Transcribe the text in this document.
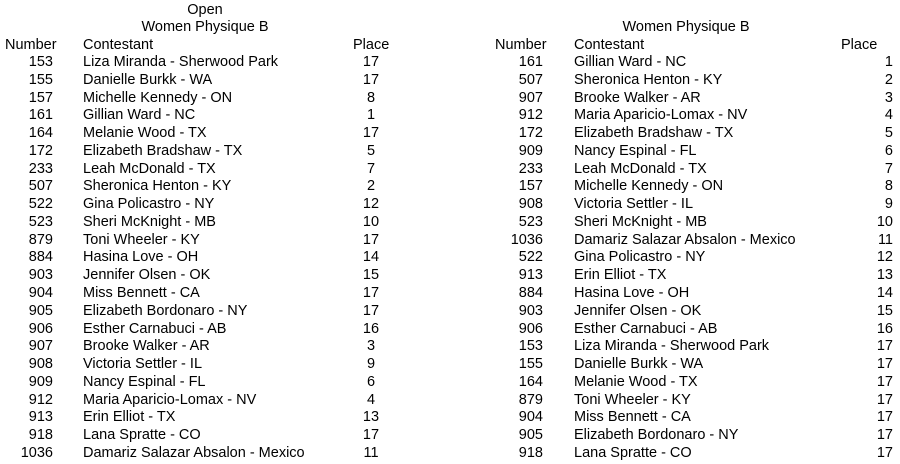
Open
Women Physique B
Number Contestant	Place
153 Liza Miranda - Sherwood Park	17
155 Danielle Burkk - WA	17
157 Michelle Kennedy - ON	8
161 Gillian Ward - NC	1
164 Melanie Wood - TX	17
172 Elizabeth Bradshaw - TX	5
233 Leah McDonald - TX	7
507 Sheronica Henton - KY	2
522 Gina Policastro - NY	12
523 Sheri McKnight - MB	10
879 Toni Wheeler - KY	17
884 Hasina Love - OH	14
903 Jennifer Olsen - OK	15
904 Miss Bennett - CA	17
905 Elizabeth Bordonaro - NY	17
906 Esther Carnabuci - AB	16
907 Brooke Walker - AR	3
908 Victoria Settler - IL	9
909 Nancy Espinal - FL	6
912 Maria Aparicio-Lomax - NV	4
913 Erin Elliot - TX	13
918 Lana Spratte - CO	17
1036 Damariz Salazar Absalon - Mexico	11
Women Physique B
Number Contestant	Place
161 Gillian Ward - NC	1
507 Sheronica Henton - KY	2
907 Brooke Walker - AR	3
912 Maria Aparicio-Lomax - NV	4
172 Elizabeth Bradshaw - TX	5
909 Nancy Espinal - FL	6
233 Leah McDonald - TX	7
157 Michelle Kennedy - ON	8
908 Victoria Settler - IL	9
523 Sheri McKnight - MB	10
1036 Damariz Salazar Absalon - Mexico	11
522 Gina Policastro - NY	12
913 Erin Elliot - TX	13
884 Hasina Love - OH	14
903 Jennifer Olsen - OK	15
906 Esther Carnabuci - AB	16
153 Liza Miranda - Sherwood Park	17
155 Danielle Burkk - WA	17
164 Melanie Wood - TX	17
879 Toni Wheeler - KY	17
904 Miss Bennett - CA	17
905 Elizabeth Bordonaro - NY	17
918 Lana Spratte - CO	17
